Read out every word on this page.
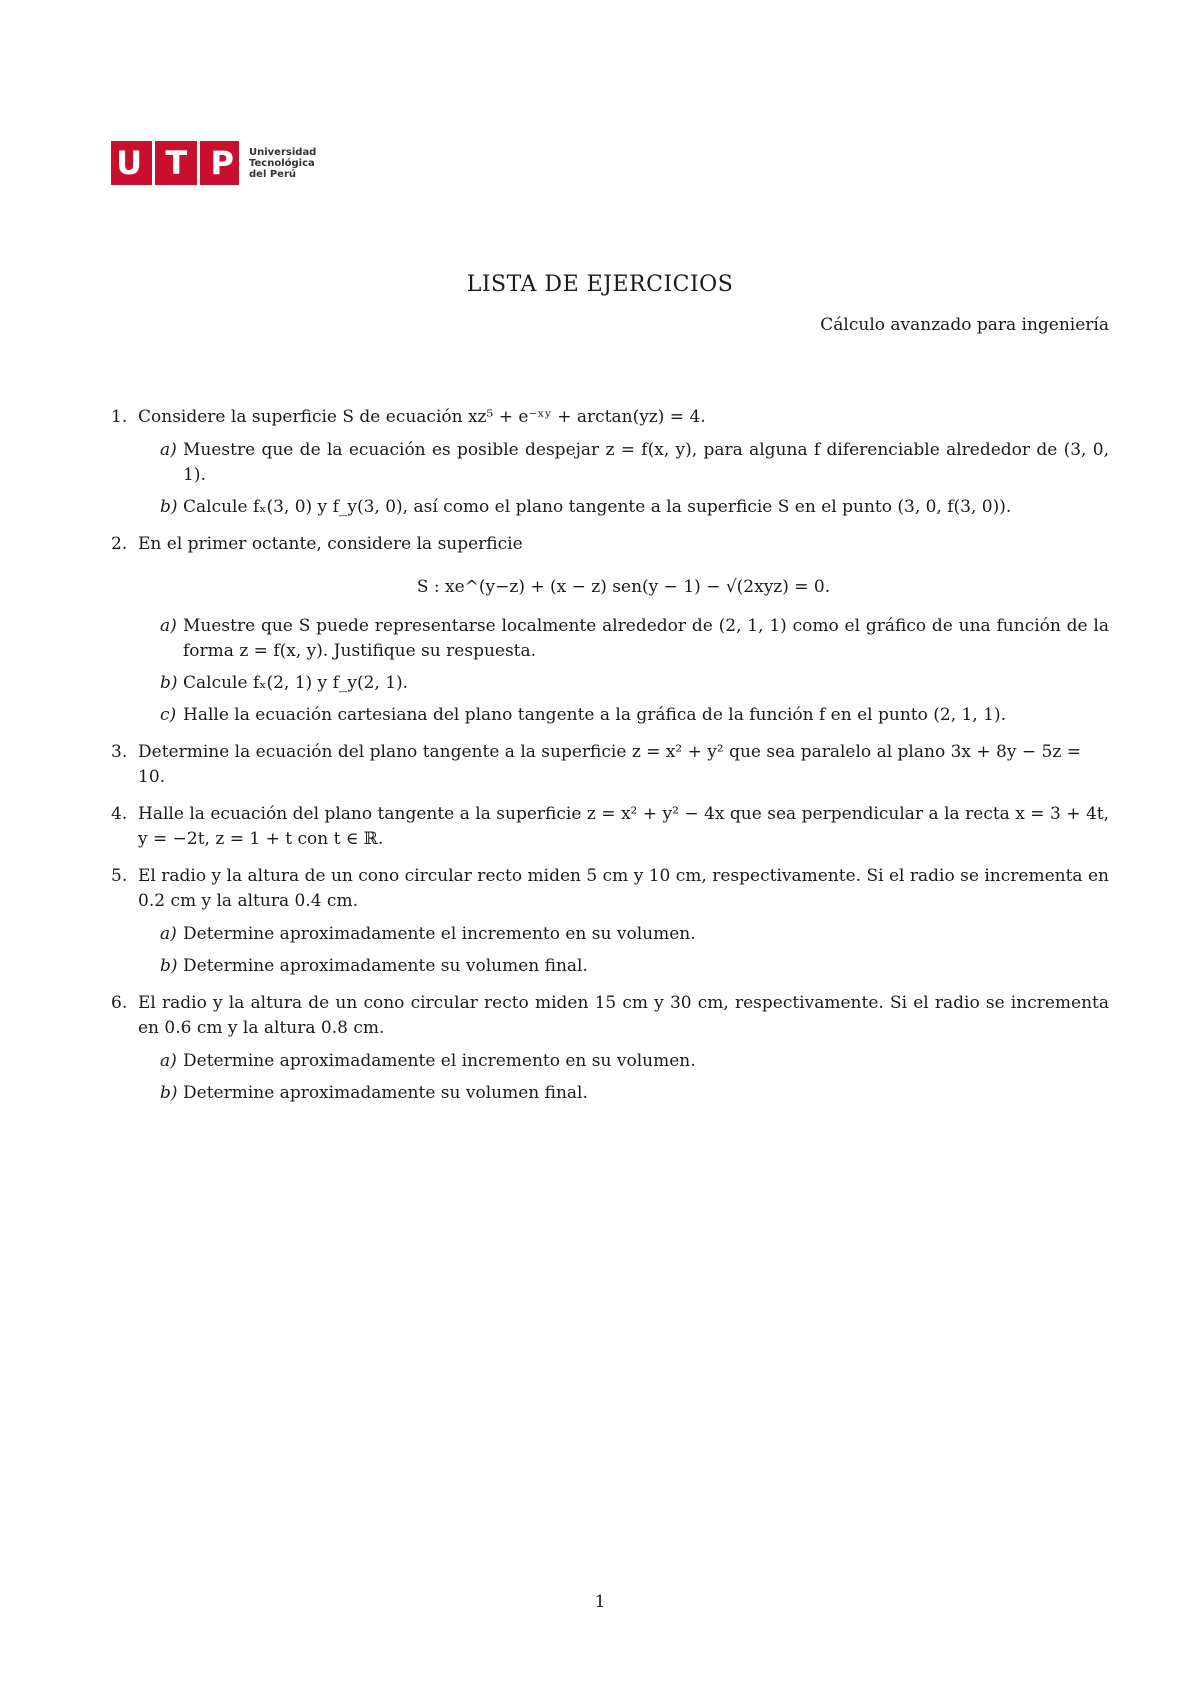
U T P Universidad
Tecnológica
del Perú
LISTA DE EJERCICIOS
Cálculo avanzado para ingeniería
1. Considere la superficie S de ecuación xz⁵ + e⁻ˣʸ + arctan(yz) = 4.
a) Muestre que de la ecuación es posible despejar z = f(x, y), para alguna f diferenciable alrededor de (3, 0, 1).
b) Calcule fₓ(3, 0) y f_y(3, 0), así como el plano tangente a la superficie S en el punto (3, 0, f(3, 0)).
2. En el primer octante, considere la superficie
S : xe^(y−z) + (x − z) sen(y − 1) − √(2xyz) = 0.
a) Muestre que S puede representarse localmente alrededor de (2, 1, 1) como el gráfico de una función de la forma z = f(x, y). Justifique su respuesta.
b) Calcule fₓ(2, 1) y f_y(2, 1).
c) Halle la ecuación cartesiana del plano tangente a la gráfica de la función f en el punto (2, 1, 1).
3. Determine la ecuación del plano tangente a la superficie z = x² + y² que sea paralelo al plano 3x + 8y − 5z = 10.
4. Halle la ecuación del plano tangente a la superficie z = x² + y² − 4x que sea perpendicular a la recta x = 3 + 4t, y = −2t, z = 1 + t con t ∈ ℝ.
5. El radio y la altura de un cono circular recto miden 5 cm y 10 cm, respectivamente. Si el radio se incrementa en 0.2 cm y la altura 0.4 cm.
a) Determine aproximadamente el incremento en su volumen.
b) Determine aproximadamente su volumen final.
6. El radio y la altura de un cono circular recto miden 15 cm y 30 cm, respectivamente. Si el radio se incrementa en 0.6 cm y la altura 0.8 cm.
a) Determine aproximadamente el incremento en su volumen.
b) Determine aproximadamente su volumen final.
1
